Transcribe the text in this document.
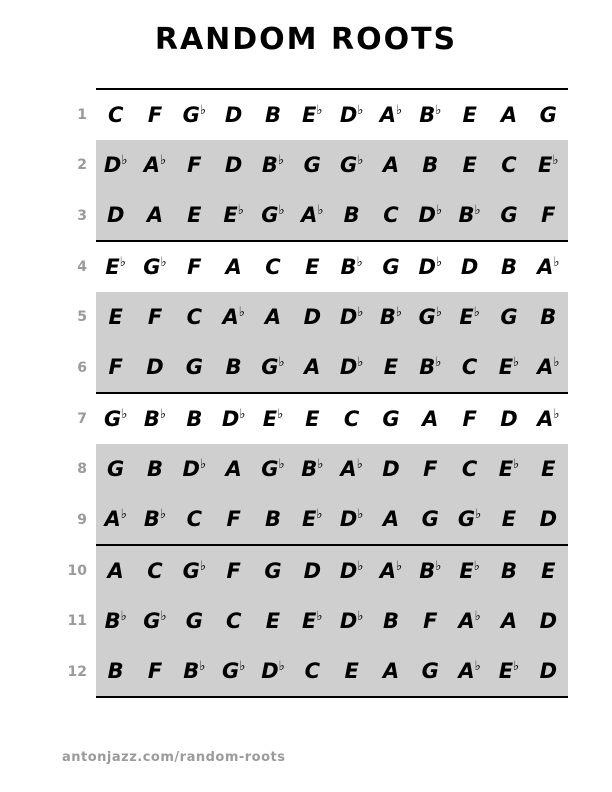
RANDOM ROOTS
1	C	F	G♭	D	B	E♭	D♭	A♭	B♭	E	A	G
2	D♭	A♭	F	D	B♭	G	G♭	A	B	E	C	E♭
3	D	A	E	E♭	G♭	A♭	B	C	D♭	B♭	G	F
4	E♭	G♭	F	A	C	E	B♭	G	D♭	D	B	A♭
5	E	F	C	A♭	A	D	D♭	B♭	G♭	E♭	G	B
6	F	D	G	B	G♭	A	D♭	E	B♭	C	E♭	A♭
7	G♭	B♭	B	D♭	E♭	E	C	G	A	F	D	A♭
8	G	B	D♭	A	G♭	B♭	A♭	D	F	C	E♭	E
9	A♭	B♭	C	F	B	E♭	D♭	A	G	G♭	E	D
10	A	C	G♭	F	G	D	D♭	A♭	B♭	E♭	B	E
11	B♭	G♭	G	C	E	E♭	D♭	B	F	A♭	A	D
12	B	F	B♭	G♭	D♭	C	E	A	G	A♭	E♭	D
antonjazz.com/random-roots
